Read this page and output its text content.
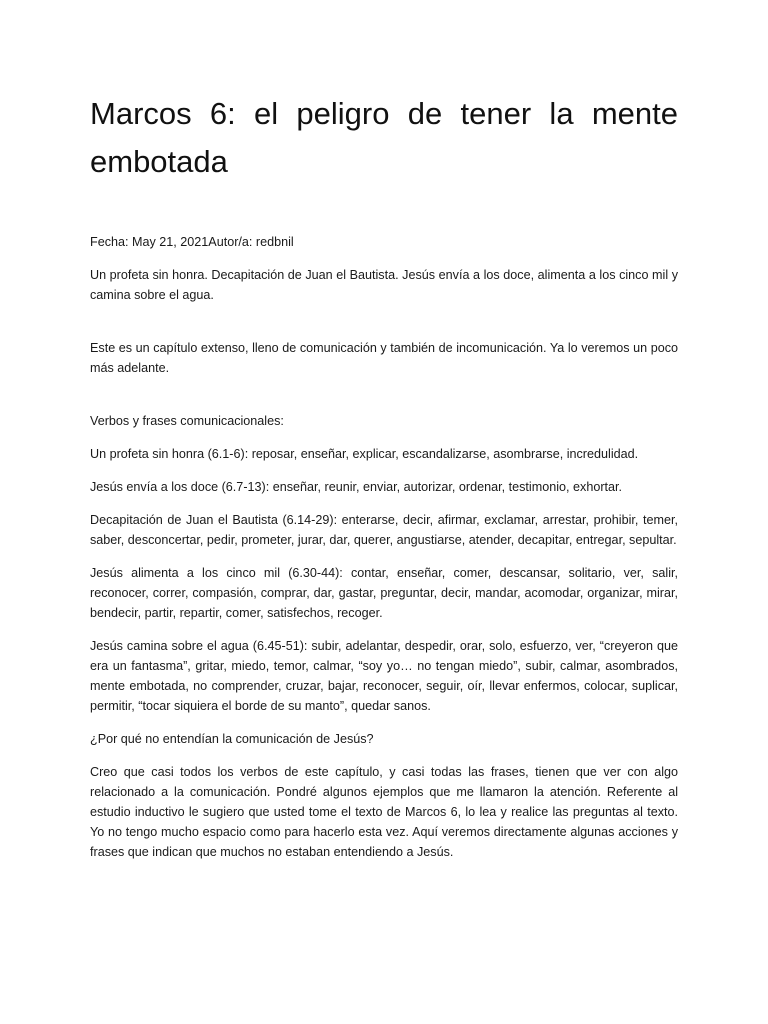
Marcos 6: el peligro de tener la mente embotada

Fecha: May 21, 2021Autor/a: redbnil

Un profeta sin honra. Decapitación de Juan el Bautista. Jesús envía a los doce, alimenta a los cinco mil y camina sobre el agua.

Este es un capítulo extenso, lleno de comunicación y también de incomunicación. Ya lo veremos un poco más adelante.

Verbos y frases comunicacionales:

Un profeta sin honra (6.1-6): reposar, enseñar, explicar, escandalizarse, asombrarse, incredulidad.

Jesús envía a los doce (6.7-13): enseñar, reunir, enviar, autorizar, ordenar, testimonio, exhortar.

Decapitación de Juan el Bautista (6.14-29): enterarse, decir, afirmar, exclamar, arrestar, prohibir, temer, saber, desconcertar, pedir, prometer, jurar, dar, querer, angustiarse, atender, decapitar, entregar, sepultar.

Jesús alimenta a los cinco mil (6.30-44): contar, enseñar, comer, descansar, solitario, ver, salir, reconocer, correr, compasión, comprar, dar, gastar, preguntar, decir, mandar, acomodar, organizar, mirar, bendecir, partir, repartir, comer, satisfechos, recoger.

Jesús camina sobre el agua (6.45-51): subir, adelantar, despedir, orar, solo, esfuerzo, ver, “creyeron que era un fantasma”, gritar, miedo, temor, calmar, “soy yo… no tengan miedo”, subir, calmar, asombrados, mente embotada, no comprender, cruzar, bajar, reconocer, seguir, oír, llevar enfermos, colocar, suplicar, permitir, “tocar siquiera el borde de su manto”, quedar sanos.

¿Por qué no entendían la comunicación de Jesús?

Creo que casi todos los verbos de este capítulo, y casi todas las frases, tienen que ver con algo relacionado a la comunicación. Pondré algunos ejemplos que me llamaron la atención. Referente al estudio inductivo le sugiero que usted tome el texto de Marcos 6, lo lea y realice las preguntas al texto. Yo no tengo mucho espacio como para hacerlo esta vez. Aquí veremos directamente algunas acciones y frases que indican que muchos no estaban entendiendo a Jesús.
